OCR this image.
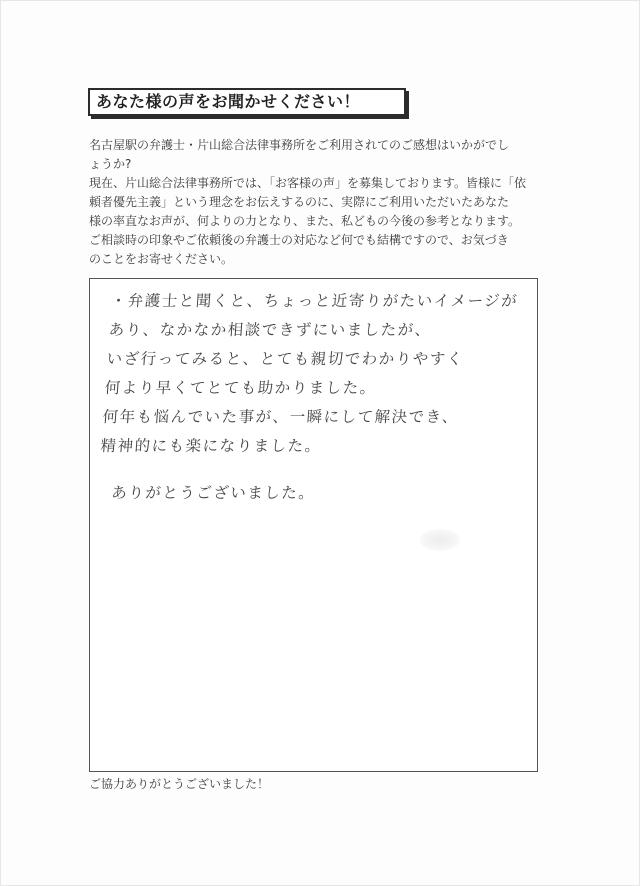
あなた様の声をお聞かせください！

名古屋駅の弁護士・片山総合法律事務所をご利用されてのご感想はいかがでし

ょうか?

現在、片山総合法律事務所では、「お客様の声」を募集しております。皆様に「依

頼者優先主義」という理念をお伝えするのに、実際にご利用いただいたあなた

様の率直なお声が、何よりの力となり、また、私どもの今後の参考となります。

ご相談時の印象やご依頼後の弁護士の対応など何でも結構ですので、お気づき

のことをお寄せください。

・弁護士と聞くと、ちょっと近寄りがたいイメージが
あり、なかなか相談できずにいましたが、
いざ行ってみると、とても親切でわかりやすく
何より早くてとても助かりました。
何年も悩んでいた事が、一瞬にして解決でき、
精神的にも楽になりました。
ありがとうございました。
ご協力ありがとうございました！
